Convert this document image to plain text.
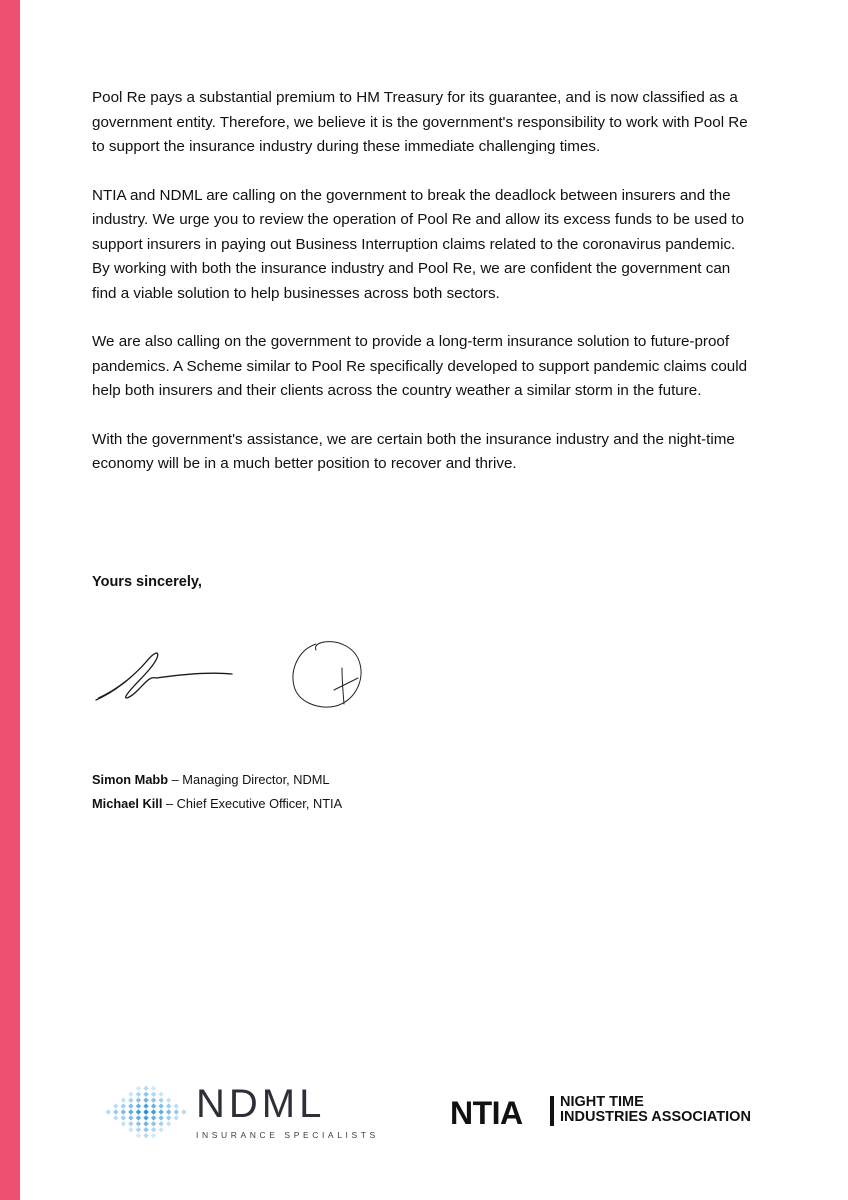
Pool Re pays a substantial premium to HM Treasury for its guarantee, and is now classified as a government entity. Therefore, we believe it is the government's responsibility to work with Pool Re to support the insurance industry during these immediate challenging times.

NTIA and NDML are calling on the government to break the deadlock between insurers and the industry. We urge you to review the operation of Pool Re and allow its excess funds to be used to support insurers in paying out Business Interruption claims related to the coronavirus pandemic. By working with both the insurance industry and Pool Re, we are confident the government can find a viable solution to help businesses across both sectors.

We are also calling on the government to provide a long-term insurance solution to future-proof pandemics. A Scheme similar to Pool Re specifically developed to support pandemic claims could help both insurers and their clients across the country weather a similar storm in the future.

With the government's assistance, we are certain both the insurance industry and the night-time economy will be in a much better position to recover and thrive.

Yours sincerely,

Simon Mabb – Managing Director, NDML
Michael Kill – Chief Executive Officer, NTIA
NDML
INSURANCE SPECIALISTS
NTIA	NIGHT TIME
INDUSTRIES ASSOCIATION
